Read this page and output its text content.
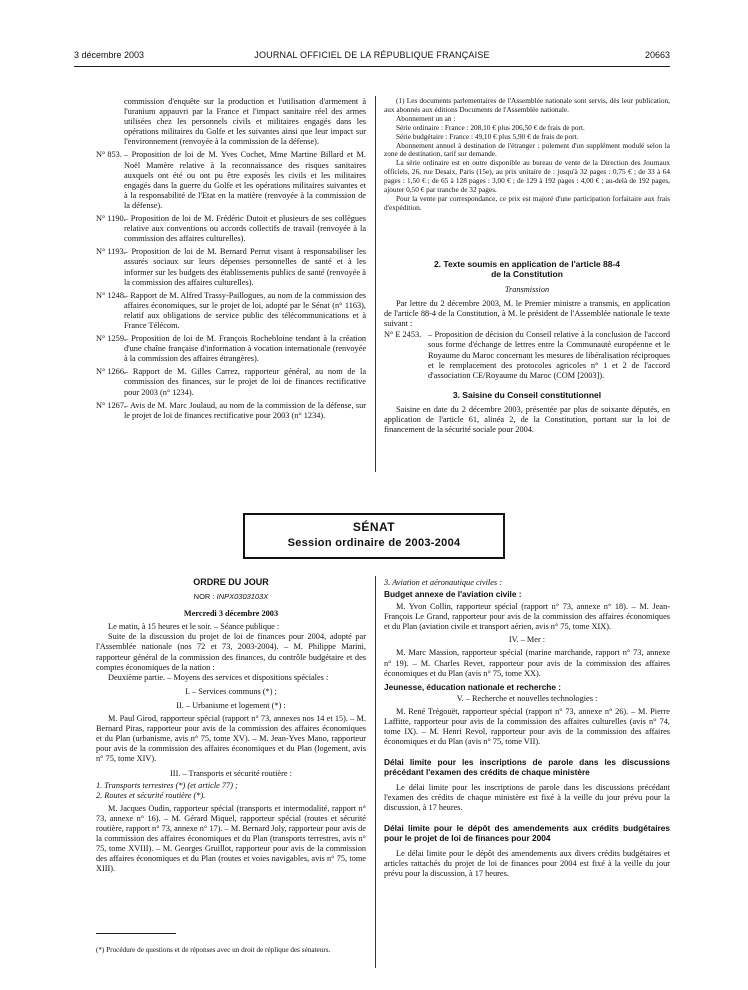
3 décembre 2003	JOURNAL OFFICIEL DE LA RÉPUBLIQUE FRANÇAISE	20663

commission d'enquête sur la production et l'utilisation d'armement à l'uranium appauvri par la France et l'impact sanitaire réel des armes utilisées chez les personnels civils et militaires engagés dans les opérations militaires du Golfe et les suivantes ainsi que leur impact sur l'environnement (renvoyée à la commission de la défense).

N° 853. – Proposition de loi de M. Yves Cochet, Mme Martine Billard et M. Noël Mamère relative à la reconnaissance des risques sanitaires auxquels ont été ou ont pu être exposés les civils et les militaires engagés dans la guerre du Golfe et les opérations militaires suivantes et à la responsabilité de l'Etat en la matière (renvoyée à la commission de la défense).
N° 1190.
– Proposition de loi de M. Frédéric Dutoit et plusieurs de ses collègues relative aux conventions ou accords collectifs de travail (renvoyée à la commission des affaires culturelles).
N° 1193.
– Proposition de loi de M. Bernard Perrut visant à responsabiliser les assurés sociaux sur leurs dépenses personnelles de santé et à les informer sur les budgets des établissements publics de santé (renvoyée à la commission des affaires culturelles).
N° 1248.
– Rapport de M. Alfred Trassy-Paillogues, au nom de la commission des affaires économiques, sur le projet de loi, adopté par le Sénat (n° 1163), relatif aux obligations de service public des télécommunications et à France Télécom.
N° 1259.
– Proposition de loi de M. François Rochebloine tendant à la création d'une chaîne française d'information à vocation internationale (renvoyée à la commission des affaires étrangères).
N° 1266.
– Rapport de M. Gilles Carrez, rapporteur général, au nom de la commission des finances, sur le projet de loi de finances rectificative pour 2003 (n° 1234).
N° 1267.
– Avis de M. Marc Joulaud, au nom de la commission de la défense, sur le projet de loi de finances rectificative pour 2003 (n° 1234).

(1) Les documents parlementaires de l'Assemblée nationale sont servis, dès leur publication, aux abonnés aux éditions Documents de l'Assemblée nationale.

Abonnement un an :

Série ordinaire : France : 208,10 € plus 206,50 € de frais de port.

Série budgétaire : France : 49,10 € plus 5,90 € de frais de port.

Abonnement annuel à destination de l'étranger : pulement d'un supplément modulé selon la zone de destination, tarif sur demande.

La série ordinaire est en outre disponible au bureau de vente de la Direction des Journaux officiels, 26, rue Desaix, Paris (15e), au prix unitaire de : jusqu'à 32 pages : 0,75 € ; de 33 à 64 pages : 1,50 € ; de 65 à 128 pages : 3,00 € ; de 129 à 192 pages : 4,00 € ; au-delà de 192 pages, ajouter 0,50 € par tranche de 32 pages.

Pour la vente par correspondance, ce prix est majoré d'une participation forfaitaire aux frais d'expédition.

2. Texte soumis en application de l'article 88-4

de la Constitution

Transmission

Par lettre du 2 décembre 2003, M. le Premier ministre a transmis, en application de l'article 88-4 de la Constitution, à M. le président de l'Assemblée nationale le texte suivant :

N° E 2453. – Proposition de décision du Conseil relative à la conclusion de l'accord sous forme d'échange de lettres entre la Communauté européenne et le Royaume du Maroc concernant les mesures de libéralisation réciproques et le remplacement des protocoles agricoles n° 1 et 2 de l'accord d'association CE/Royaume du Maroc (COM [2003]).

3. Saisine du Conseil constitutionnel

Saisine en date du 2 décembre 2003, présentée par plus de soixante députés, en application de l'article 61, alinéa 2, de la Constitution, portant sur la loi de financement de la sécurité sociale pour 2004.

SÉNAT
Session ordinaire de 2003-2004

ORDRE DU JOUR

NOR : INPX0303103X

Mercredi 3 décembre 2003

Le matin, à 15 heures et le soir. – Séance publique :

Suite de la discussion du projet de loi de finances pour 2004, adopté par l'Assemblée nationale (nos 72 et 73, 2003-2004). – M. Philippe Marini, rapporteur général de la commission des finances, du contrôle budgétaire et des comptes économiques de la nation :

Deuxième partie. – Moyens des services et dispositions spéciales :

I. – Services communs (*) ;

II. – Urbanisme et logement (*) :

M. Paul Girod, rapporteur spécial (rapport n° 73, annexes nos 14 et 15). – M. Bernard Piras, rapporteur pour avis de la commission des affaires économiques et du Plan (urbanisme, avis n° 75, tome XV). – M. Jean-Yves Mano, rapporteur pour avis de la commission des affaires économiques et du Plan (logement, avis n° 75, tome XIV).

III. – Transports et sécurité routière :

1. Transports terrestres (*) (et article 77) ;

2. Routes et sécurité routière (*).

M. Jacques Oudin, rapporteur spécial (transports et intermodalité, rapport n° 73, annexe n° 16). – M. Gérard Miquel, rapporteur spécial (routes et sécurité routière, rapport n° 73, annexe n° 17). – M. Bernard Joly, rapporteur pour avis de la commission des affaires économiques et du Plan (transports terrestres, avis n° 75, tome XVIII). – M. Georges Gruillot, rapporteur pour avis de la commission des affaires économiques et du Plan (routes et voies navigables, avis n° 75, tome XIII).

(*) Procédure de questions et de réponses avec un droit de réplique des sénateurs.

3. Aviation et aéronautique civiles :

Budget annexe de l'aviation civile :

M. Yvon Collin, rapporteur spécial (rapport n° 73, annexe n° 18). – M. Jean-François Le Grand, rapporteur pour avis de la commission des affaires économiques et du Plan (aviation civile et transport aérien, avis n° 75, tome XIX).

IV. – Mer :

M. Marc Massion, rapporteur spécial (marine marchande, rapport n° 73, annexe n° 19). – M. Charles Revet, rapporteur pour avis de la commission des affaires économiques et du Plan (avis n° 75, tome XX).

Jeunesse, éducation nationale et recherche :

V. – Recherche et nouvelles technologies :

M. René Trégouët, rapporteur spécial (rapport n° 73, annexe n° 26). – M. Pierre Laffitte, rapporteur pour avis de la commission des affaires culturelles (avis n° 74, tome IX). – M. Henri Revol, rapporteur pour avis de la commission des affaires économiques et du Plan (avis n° 75, tome VII).

Délai limite pour les inscriptions de parole dans les discussions précédant l'examen des crédits de chaque ministère

Le délai limite pour les inscriptions de parole dans les discussions précédant l'examen des crédits de chaque ministère est fixé à la veille du jour prévu pour la discussion, à 17 heures.

Délai limite pour le dépôt des amendements aux crédits budgétaires pour le projet de loi de finances pour 2004

Le délai limite pour le dépôt des amendements aux divers crédits budgétaires et articles rattachés du projet de loi de finances pour 2004 est fixé à la veille du jour prévu pour la discussion, à 17 heures.
